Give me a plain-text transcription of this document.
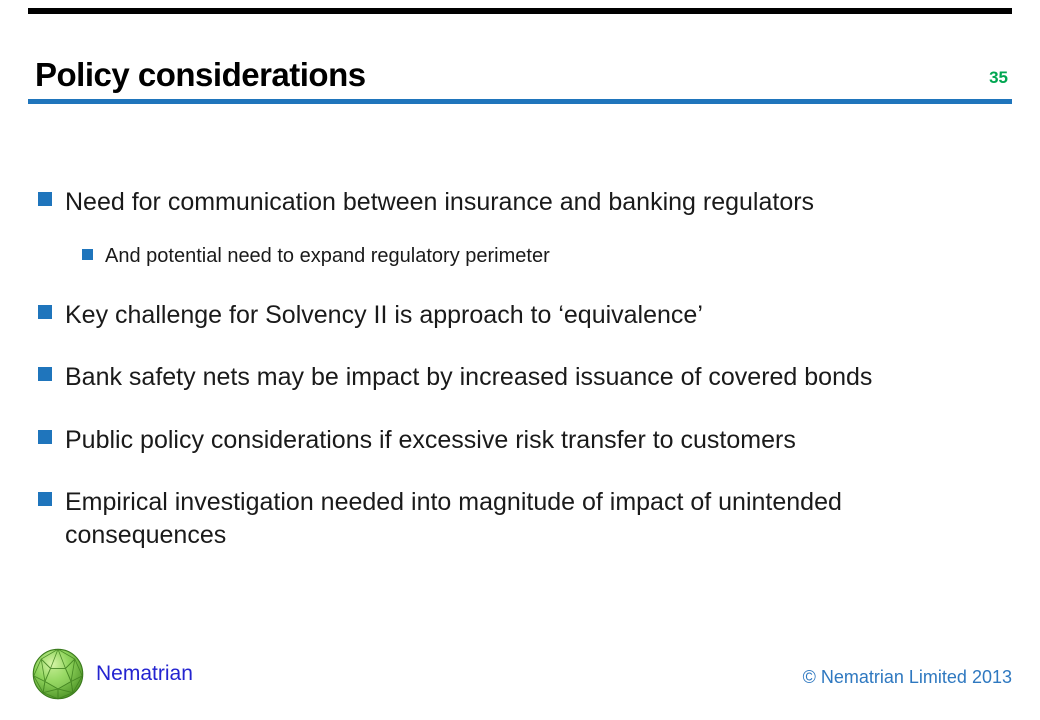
Policy considerations	35
Need for communication between insurance and banking regulators
And potential need to expand regulatory perimeter
Key challenge for Solvency II is approach to ‘equivalence’
Bank safety nets may be impact by increased issuance of covered bonds
Public policy considerations if excessive risk transfer to customers
Empirical investigation needed into magnitude of impact of unintended consequences
Nematrian	© Nematrian Limited 2013
